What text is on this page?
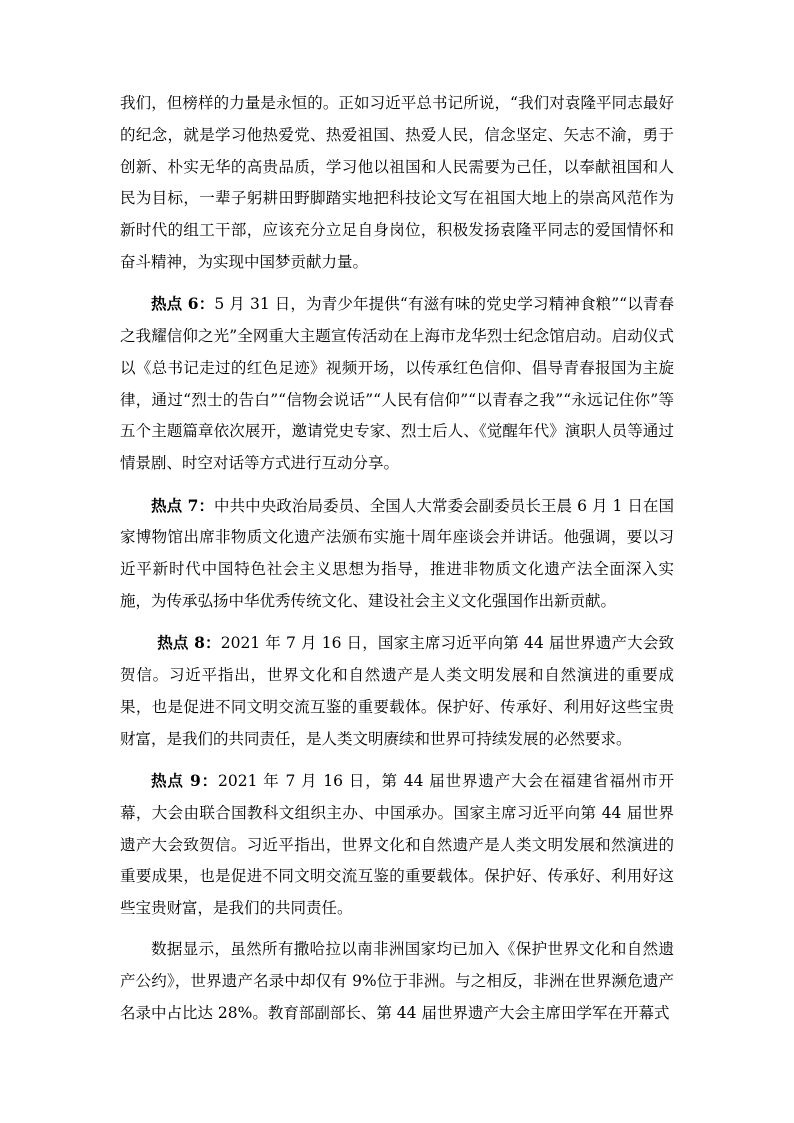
我们，但榜样的力量是永恒的。正如习近平总书记所说，“我们对袁隆平同志最好的纪念，就是学习他热爱党、热爱祖国、热爱人民，信念坚定、矢志不渝，勇于创新、朴实无华的高贵品质，学习他以祖国和人民需要为己任，以奉献祖国和人民为目标，一辈子躬耕田野脚踏实地把科技论文写在祖国大地上的崇高风范作为新时代的组工干部，应该充分立足自身岗位，积极发扬袁隆平同志的爱国情怀和奋斗精神，为实现中国梦贡献力量。

热点 6：5 月 31 日，为青少年提供“有滋有味的党史学习精神食粮”“以青春之我耀信仰之光”全网重大主题宣传活动在上海市龙华烈士纪念馆启动。启动仪式以《总书记走过的红色足迹》视频开场，以传承红色信仰、倡导青春报国为主旋律，通过“烈士的告白”“信物会说话”“人民有信仰”“以青春之我”“永远记住你”等五个主题篇章依次展开，邀请党史专家、烈士后人、《觉醒年代》演职人员等通过情景剧、时空对话等方式进行互动分享。

热点 7：中共中央政治局委员、全国人大常委会副委员长王晨 6 月 1 日在国家博物馆出席非物质文化遗产法颁布实施十周年座谈会并讲话。他强调，要以习近平新时代中国特色社会主义思想为指导，推进非物质文化遗产法全面深入实施，为传承弘扬中华优秀传统文化、建设社会主义文化强国作出新贡献。

热点 8：2021 年 7 月 16 日，国家主席习近平向第 44 届世界遗产大会致贺信。习近平指出，世界文化和自然遗产是人类文明发展和自然演进的重要成果，也是促进不同文明交流互鉴的重要载体。保护好、传承好、利用好这些宝贵财富，是我们的共同责任，是人类文明赓续和世界可持续发展的必然要求。

热点 9：2021 年 7 月 16 日，第 44 届世界遗产大会在福建省福州市开幕，大会由联合国教科文组织主办、中国承办。国家主席习近平向第 44 届世界遗产大会致贺信。习近平指出，世界文化和自然遗产是人类文明发展和然演进的重要成果，也是促进不同文明交流互鉴的重要载体。保护好、传承好、利用好这些宝贵财富，是我们的共同责任。

数据显示，虽然所有撒哈拉以南非洲国家均已加入《保护世界文化和自然遗产公约》，世界遗产名录中却仅有 9%位于非洲。与之相反，非洲在世界濒危遗产名录中占比达 28%。教育部副部长、第 44 届世界遗产大会主席田学军在开幕式
